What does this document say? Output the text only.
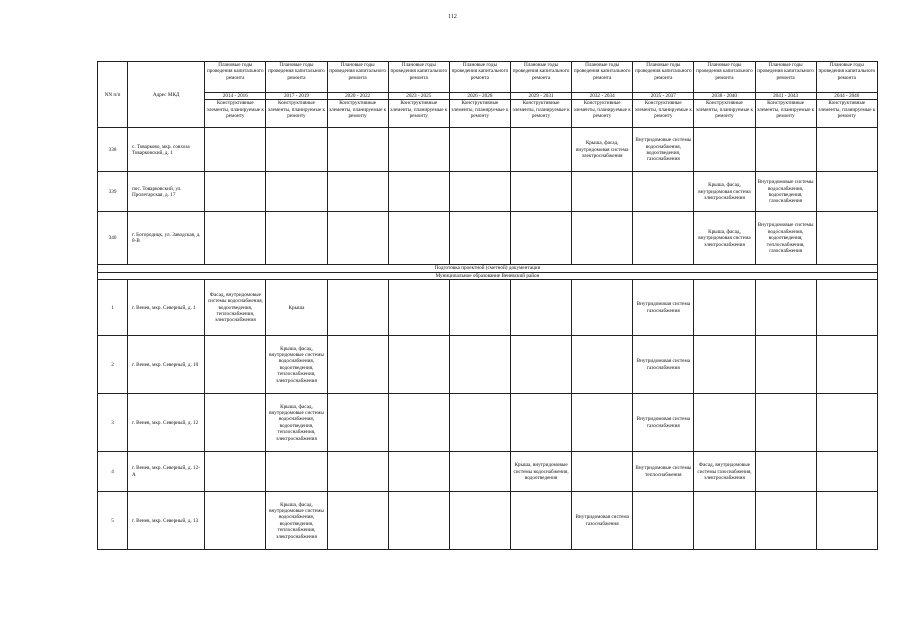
112
NN п/п	Адрес МКД	Плановые годы проведения капитального ремонта	Плановые годы проведения капитального ремонта	Плановые годы проведения капитального ремонта	Плановые годы проведения капитального ремонта	Плановые годы проведения капитального ремонта	Плановые годы проведения капитального ремонта	Плановые годы проведения капитального ремонта	Плановые годы проведения капитального ремонта	Плановые годы проведения капитального ремонта	Плановые годы проведения капитального ремонта	Плановые годы проведения капитального ремонта
		2014 - 2016	2017 - 2019	2020 - 2022	2023 - 2025	2026 - 2028	2029 - 2031	2032 - 2034	2035 - 2037	2038 - 2040	2041 - 2043	2044 - 2046
		Конструктивные элементы, планируемые к ремонту	Конструктивные элементы, планируемые к ремонту	Конструктивные элементы, планируемые к ремонту	Конструктивные элементы, планируемые к ремонту	Конструктивные элементы, планируемые к ремонту	Конструктивные элементы, планируемые к ремонту	Конструктивные элементы, планируемые к ремонту	Конструктивные элементы, планируемые к ремонту	Конструктивные элементы, планируемые к ремонту	Конструктивные элементы, планируемые к ремонту	Конструктивные элементы, планируемые к ремонту
338	с. Товарково, мкр. совхоза Товарковский, д. 1							Крыша, фасад, внутридомовая система электроснабжения	Внутридомовые системы водоснабжения, водоотведения, газоснабжения			
339	пос. Товарковский, ул. Пролетарская, д. 17									Крыша, фасад, внутридомовая система электроснабжения	Внутридомовые системы водоснабжения, водоотведения, газоснабжения	
340	г. Богородицк, ул. Заводская, д. 8-В									Крыша, фасад, внутридомовая система электроснабжения	Внутридомовые системы водоснабжения, водоотведения, теплоснабжения, газоснабжения	
Подготовка проектной (сметной) документации												
Муниципальное образование Веневский район												
1	г. Венев, мкр. Северный, д. 1	Фасад, внутридомовые системы водоснабжения, водоотведения, теплоснабжения, электроснабжения	Крыша						Внутридомовая система газоснабжения			
2	г. Венев, мкр. Северный, д. 10		Крыша, фасад, внутридомовые системы водоснабжения, водоотведения, теплоснабжения, электроснабжения						Внутридомовая система газоснабжения			
3	г. Венев, мкр. Северный, д. 12		Крыша, фасад, внутридомовые системы водоснабжения, водоотведения, теплоснабжения, электроснабжения						Внутридомовая система газоснабжения			
4	г. Венев, мкр. Северный, д. 12-А						Крыша, внутридомовые системы водоснабжения, водоотведения		Внутридомовые системы теплоснабжения	Фасад, внутридомовые системы газоснабжения, электроснабжения		
5	г. Венев, мкр. Северный, д. 13		Крыша, фасад, внутридомовые системы водоснабжения, водоотведения, теплоснабжения, электроснабжения					Внутридомовая система газоснабжения				
